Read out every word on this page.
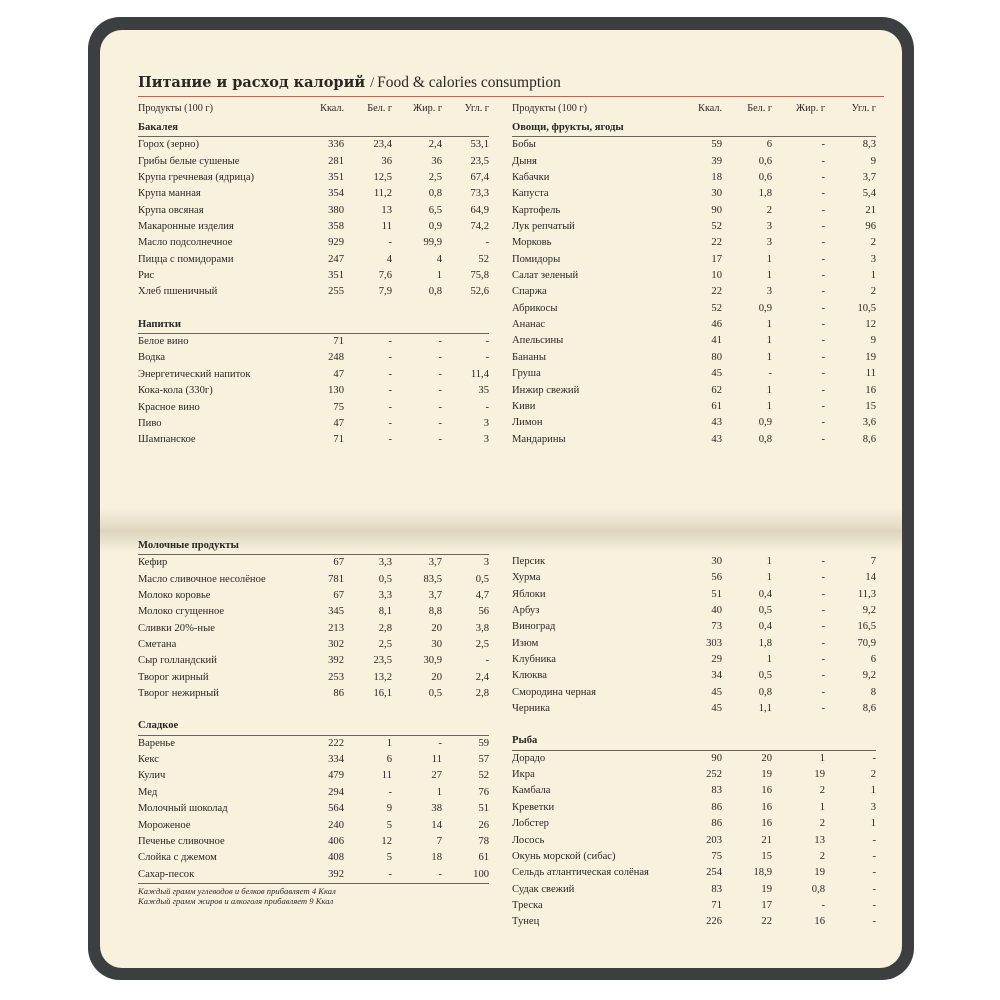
Питание и расход калорий / Food & calories consumption
Продукты (100 г)	Ккал.	Бел. г	Жир. г	Угл. г
Бакалея				
Горох (зерно)	336	23,4	2,4	53,1
Грибы белые сушеные	281	36	36	23,5
Крупа гречневая (ядрица)	351	12,5	2,5	67,4
Крупа манная	354	11,2	0,8	73,3
Крупа овсяная	380	13	6,5	64,9
Макаронные изделия	358	11	0,9	74,2
Масло подсолнечное	929	-	99,9	-
Пицца с помидорами	247	4	4	52
Рис	351	7,6	1	75,8
Хлеб пшеничный	255	7,9	0,8	52,6

Напитки				
Белое вино	71	-	-	-
Водка	248	-	-	-
Энергетический напиток	47	-	-	11,4
Кока-кола (330г)	130	-	-	35
Красное вино	75	-	-	-
Пиво	47	-	-	3
Шампанское	71	-	-	3
Продукты (100 г)	Ккал.	Бел. г	Жир. г	Угл. г
Овощи, фрукты, ягоды				
Бобы	59	6	-	8,3
Дыня	39	0,6	-	9
Кабачки	18	0,6	-	3,7
Капуста	30	1,8	-	5,4
Картофель	90	2	-	21
Лук репчатый	52	3	-	96
Морковь	22	3	-	2
Помидоры	17	1	-	3
Салат зеленый	10	1	-	1
Спаржа	22	3	-	2
Абрикосы	52	0,9	-	10,5
Ананас	46	1	-	12
Апельсины	41	1	-	9
Бананы	80	1	-	19
Груша	45	-	-	11
Инжир свежий	62	1	-	16
Киви	61	1	-	15
Лимон	43	0,9	-	3,6
Мандарины	43	0,8	-	8,6
Молочные продукты				
Кефир	67	3,3	3,7	3
Масло сливочное несолёное	781	0,5	83,5	0,5
Молоко коровье	67	3,3	3,7	4,7
Молоко сгущенное	345	8,1	8,8	56
Сливки 20%-ные	213	2,8	20	3,8
Сметана	302	2,5	30	2,5
Сыр голландский	392	23,5	30,9	-
Творог жирный	253	13,2	20	2,4
Творог нежирный	86	16,1	0,5	2,8

Сладкое				
Варенье	222	1	-	59
Кекс	334	6	11	57
Кулич	479	11	27	52
Мед	294	-	1	76
Молочный шоколад	564	9	38	51
Мороженое	240	5	14	26
Печенье сливочное	406	12	7	78
Слойка с джемом	408	5	18	61
Сахар-песок	392	-	-	100
Каждый грамм углеводов и белков прибавляет 4 Ккал
Каждый грамм жиров и алкоголя прибавляет 9 Ккал

Персик	30	1	-	7
Хурма	56	1	-	14
Яблоки	51	0,4	-	11,3
Арбуз	40	0,5	-	9,2
Виноград	73	0,4	-	16,5
Изюм	303	1,8	-	70,9
Клубника	29	1	-	6
Клюква	34	0,5	-	9,2
Смородина черная	45	0,8	-	8
Черника	45	1,1	-	8,6

Рыба				
Дорадо	90	20	1	-
Икра	252	19	19	2
Камбала	83	16	2	1
Креветки	86	16	1	3
Лобстер	86	16	2	1
Лосось	203	21	13	-
Окунь морской (сибас)	75	15	2	-
Сельдь атлантическая солёная	254	18,9	19	-
Судак свежий	83	19	0,8	-
Треска	71	17	-	-
Тунец	226	22	16	-
